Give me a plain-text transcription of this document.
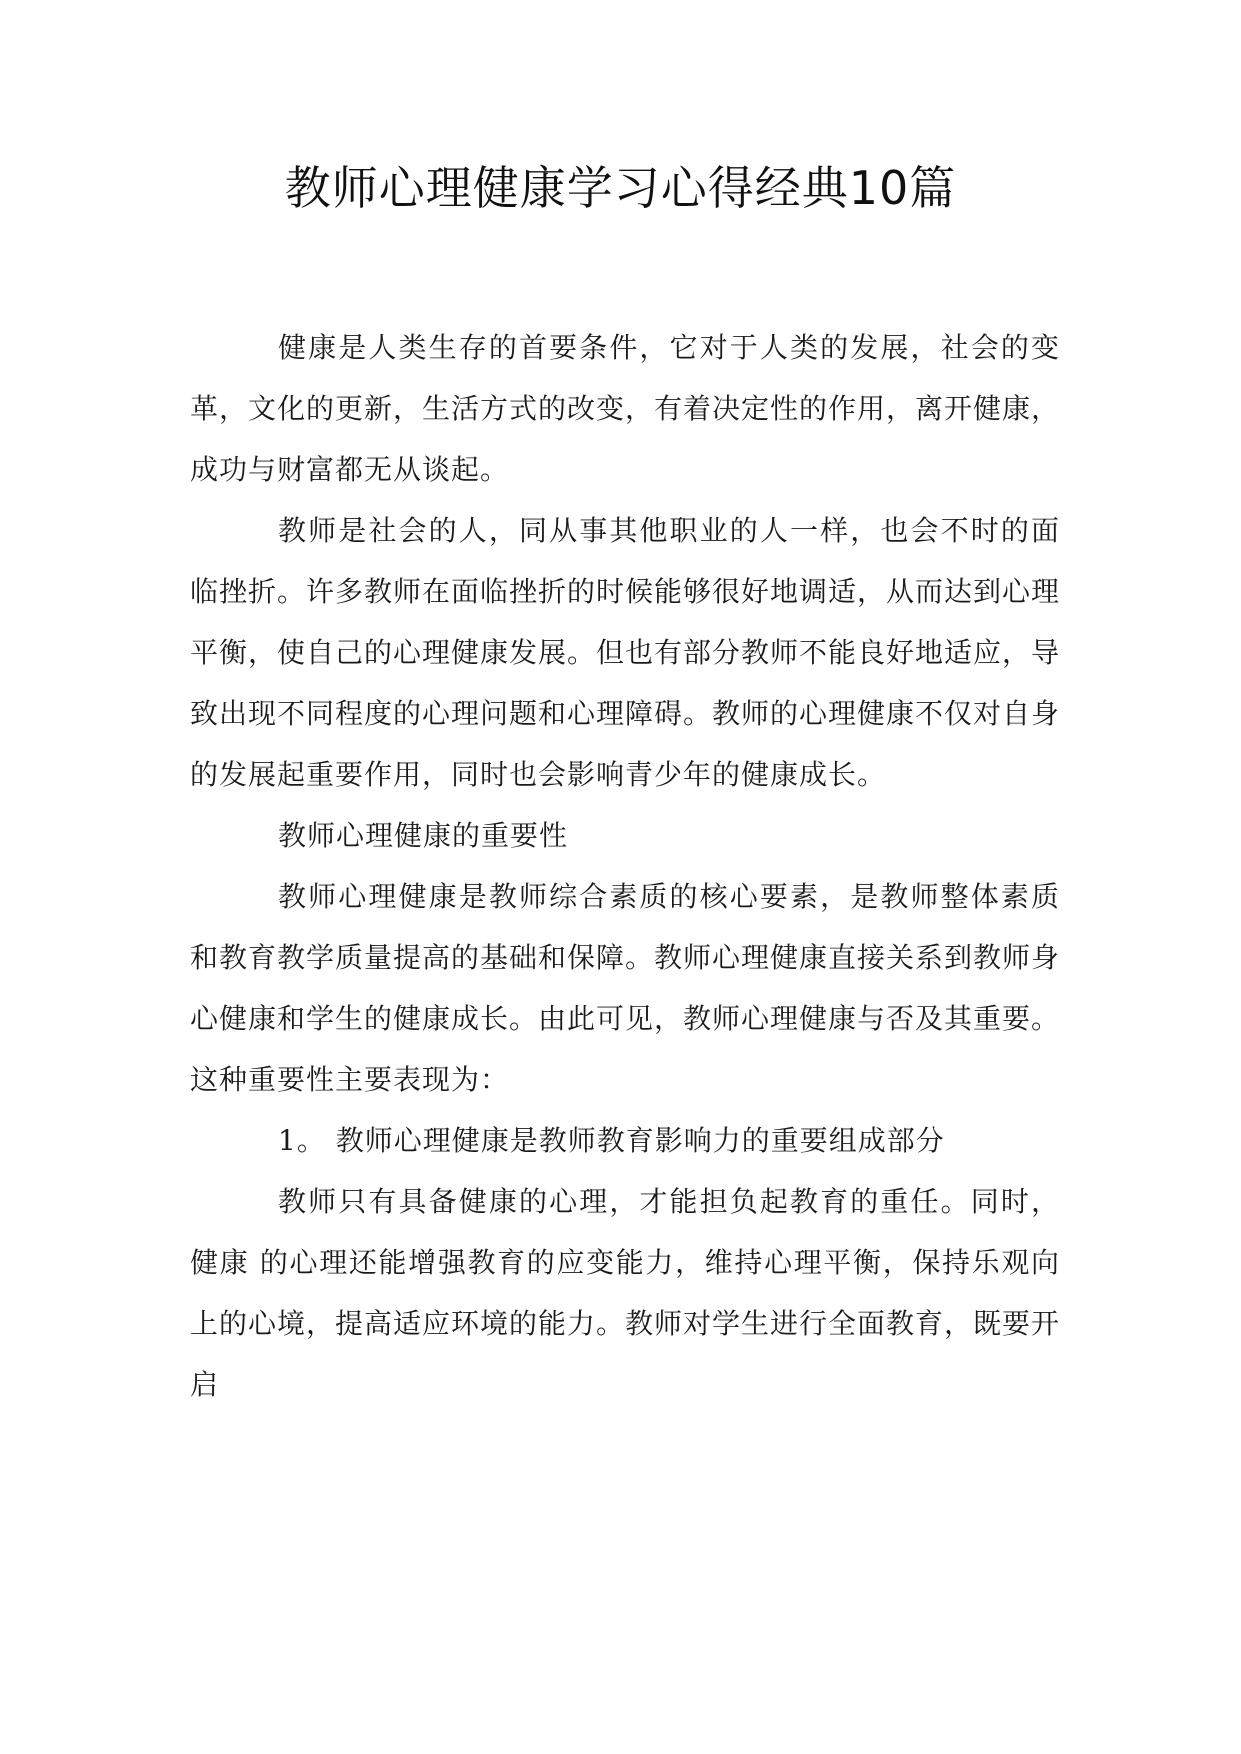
教师心理健康学习心得经典10篇

健康是人类生存的首要条件，它对于人类的发展，社会的变革，文化的更新，生活方式的改变，有着决定性的作用，离开健康，成功与财富都无从谈起。

教师是社会的人，同从事其他职业的人一样，也会不时的面临挫折。许多教师在面临挫折的时候能够很好地调适，从而达到心理平衡，使自己的心理健康发展。但也有部分教师不能良好地适应，导致出现不同程度的心理问题和心理障碍。教师的心理健康不仅对自身的发展起重要作用，同时也会影响青少年的健康成长。

教师心理健康的重要性

教师心理健康是教师综合素质的核心要素，是教师整体素质和教育教学质量提高的基础和保障。教师心理健康直接关系到教师身心健康和学生的健康成长。由此可见，教师心理健康与否及其重要。这种重要性主要表现为：

1。 教师心理健康是教师教育影响力的重要组成部分

教师只有具备健康的心理，才能担负起教育的重任。同时，健康 的心理还能增强教育的应变能力，维持心理平衡，保持乐观向上的心境，提高适应环境的能力。教师对学生进行全面教育，既要开启
